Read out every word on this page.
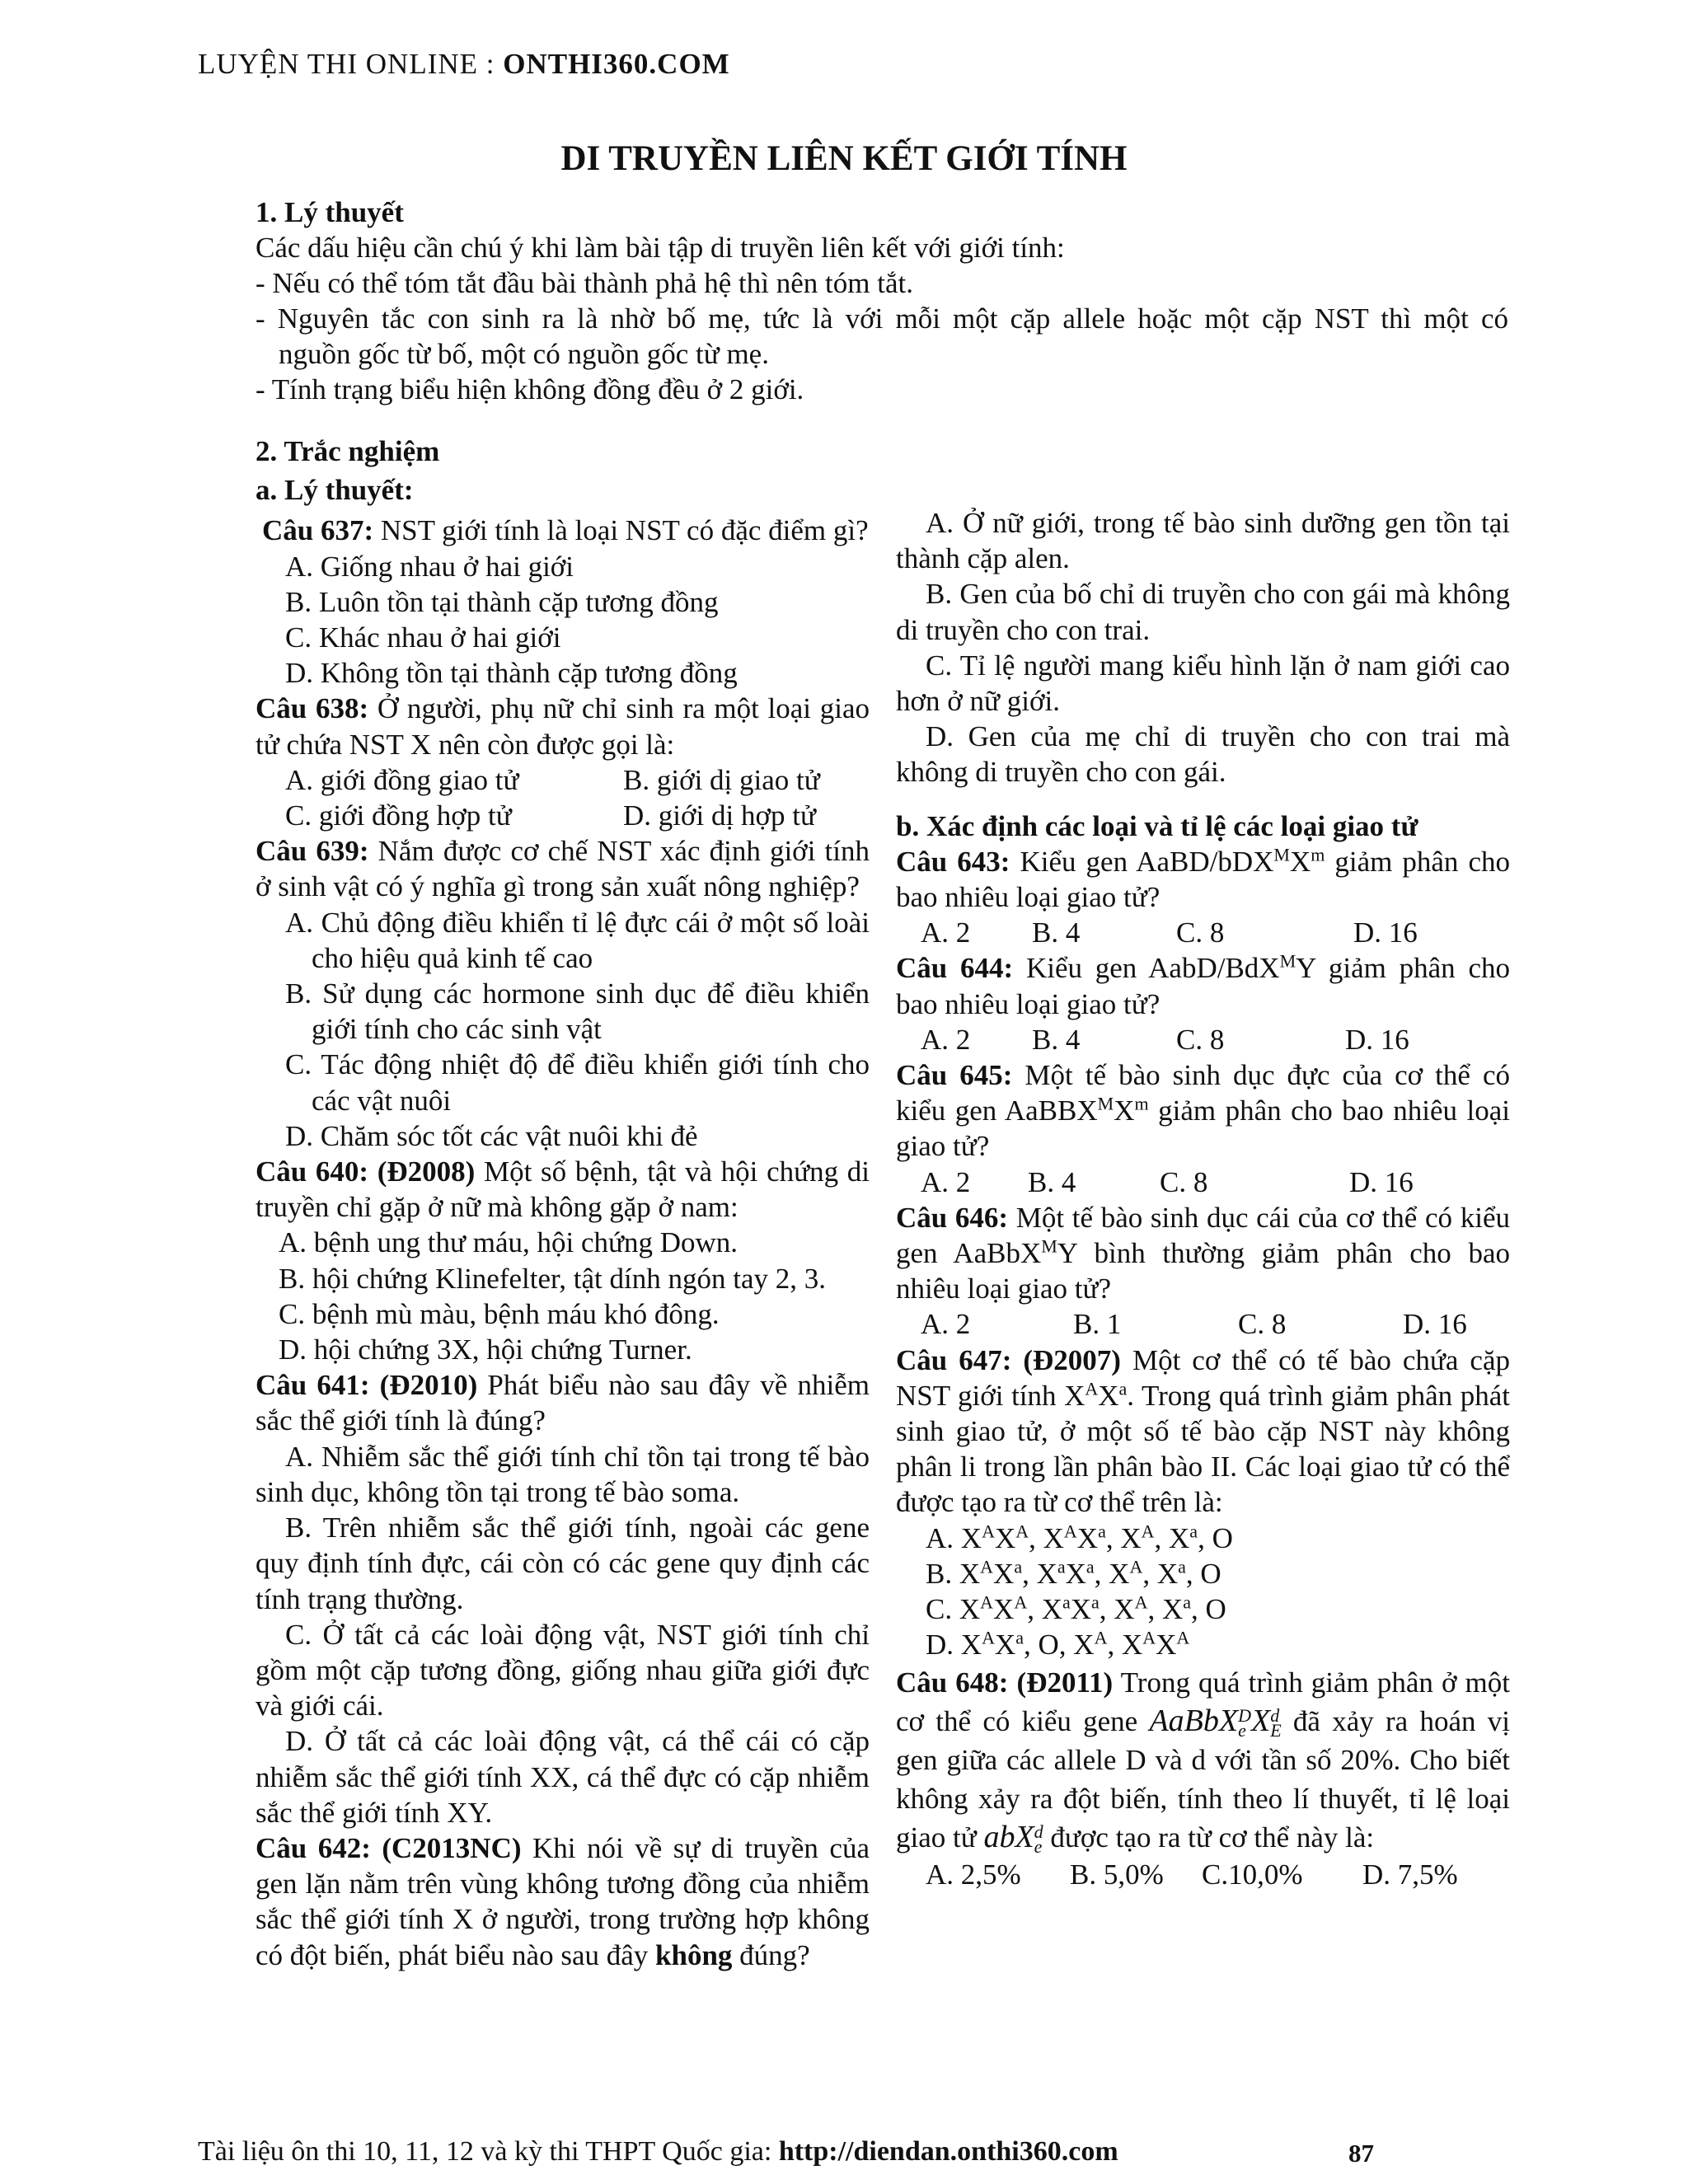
LUYỆN THI ONLINE : ONTHI360.COM
DI TRUYỀN LIÊN KẾT GIỚI TÍNH
1. Lý thuyết
Các dấu hiệu cần chú ý khi làm bài tập di truyền liên kết với giới tính:
- Nếu có thể tóm tắt đầu bài thành phả hệ thì nên tóm tắt.
- Nguyên tắc con sinh ra là nhờ bố mẹ, tức là với mỗi một cặp allele hoặc một cặp NST thì một có
nguồn gốc từ bố, một có nguồn gốc từ mẹ.
- Tính trạng biểu hiện không đồng đều ở 2 giới.

2. Trắc nghiệm

a. Lý thuyết:

Câu 637: NST giới tính là loại NST có đặc điểm gì?

A. Giống nhau ở hai giới

B. Luôn tồn tại thành cặp tương đồng

C. Khác nhau ở hai giới

D. Không tồn tại thành cặp tương đồng

Câu 638: Ở người, phụ nữ chỉ sinh ra một loại giao tử chứa NST X nên còn được gọi là:

A. giới đồng giao tử	B. giới dị giao tử
C. giới đồng hợp tử	D. giới dị hợp tử

Câu 639: Nắm được cơ chế NST xác định giới tính ở sinh vật có ý nghĩa gì trong sản xuất nông nghiệp?

A. Chủ động điều khiển tỉ lệ đực cái ở một số loài cho hiệu quả kinh tế cao

B. Sử dụng các hormone sinh dục để điều khiển giới tính cho các sinh vật

C. Tác động nhiệt độ để điều khiển giới tính cho các vật nuôi

D. Chăm sóc tốt các vật nuôi khi đẻ

Câu 640: (Đ2008) Một số bệnh, tật và hội chứng di truyền chỉ gặp ở nữ mà không gặp ở nam:

A. bệnh ung thư máu, hội chứng Down.

B. hội chứng Klinefelter, tật dính ngón tay 2, 3.

C. bệnh mù màu, bệnh máu khó đông.

D. hội chứng 3X, hội chứng Turner.

Câu 641: (Đ2010) Phát biểu nào sau đây về nhiễm sắc thể giới tính là đúng?

A. Nhiễm sắc thể giới tính chỉ tồn tại trong tế bào sinh dục, không tồn tại trong tế bào soma.

B. Trên nhiễm sắc thể giới tính, ngoài các gene quy định tính đực, cái còn có các gene quy định các tính trạng thường.

C. Ở tất cả các loài động vật, NST giới tính chỉ gồm một cặp tương đồng, giống nhau giữa giới đực và giới cái.

D. Ở tất cả các loài động vật, cá thể cái có cặp nhiễm sắc thể giới tính XX, cá thể đực có cặp nhiễm sắc thể giới tính XY.

Câu 642: (C2013NC) Khi nói về sự di truyền của gen lặn nằm trên vùng không tương đồng của nhiễm sắc thể giới tính X ở người, trong trường hợp không có đột biến, phát biểu nào sau đây không đúng?

A. Ở nữ giới, trong tế bào sinh dưỡng gen tồn tại thành cặp alen.

B. Gen của bố chỉ di truyền cho con gái mà không di truyền cho con trai.

C. Tỉ lệ người mang kiểu hình lặn ở nam giới cao hơn ở nữ giới.

D. Gen của mẹ chỉ di truyền cho con trai mà không di truyền cho con gái.

b. Xác định các loại và tỉ lệ các loại giao tử

Câu 643: Kiểu gen AaBD/$bDX^MX^m$ giảm phân cho bao nhiêu loại giao tử?

A. 2	B. 4	C. 8	D. 16

Câu 644: Kiểu gen AabD/BdX$^M$Y giảm phân cho bao nhiêu loại giao tử?

A. 2	B. 4	C. 8	D. 16

Câu 645: Một tế bào sinh dục đực của cơ thể có kiểu gen $AaBBX^MX^m$ giảm phân cho bao nhiêu loại giao tử?

A. 2	B. 4	C. 8	D. 16

Câu 646: Một tế bào sinh dục cái của cơ thể có kiểu gen AaBbX$^M$Y bình thường giảm phân cho bao nhiêu loại giao tử?

A. 2	B. 1	C. 8	D. 16

Câu 647: (Đ2007) Một cơ thể có tế bào chứa cặp NST giới tính $X^AX^a$. Trong quá trình giảm phân phát sinh giao tử, ở một số tế bào cặp NST này không phân li trong lần phân bào II. Các loại giao tử có thể được tạo ra từ cơ thể trên là:

A. $X^AX^A$, $X^AX^a$, $X^A$, $X^a$, O

B. $X^AX^a$, $X^aX^a$, $X^A$, $X^a$, O

C. $X^AX^A$, $X^aX^a$, $X^A$, $X^a$, O

D. $X^AX^a$, O, $X^A$, $X^AX^A$

Câu 648: (Đ2011) Trong quá trình giảm phân ở một cơ thể có kiểu gene AaBbX D
e X d
E đã xảy ra hoán vị gen giữa các allele D và d với tần số 20%. Cho biết không xảy ra đột biến, tính theo lí thuyết, tỉ lệ loại giao tử abX d
e được tạo ra từ cơ thể này là:

A. 2,5%	B. 5,0%	C.10,0%	D. 7,5%
Tài liệu ôn thi 10, 11, 12 và kỳ thi THPT Quốc gia: http://diendan.onthi360.com	87
